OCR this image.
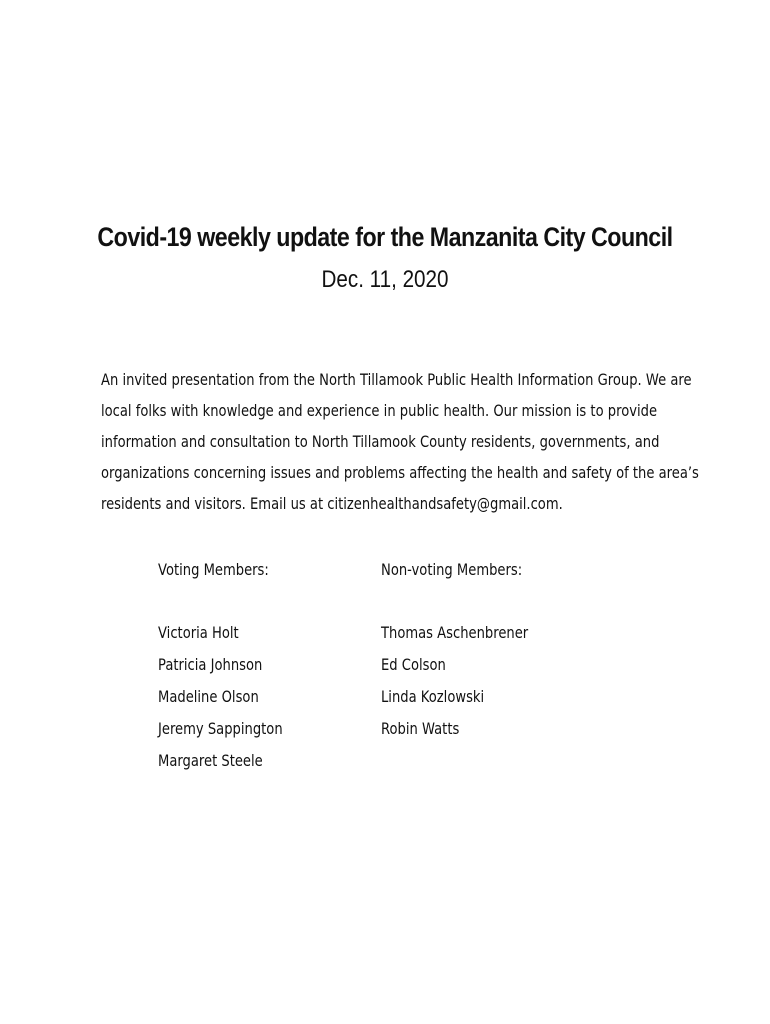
Covid-19 weekly update for the Manzanita City Council
Dec. 11, 2020
An invited presentation from the North Tillamook Public Health Information Group. We are
local folks with knowledge and experience in public health. Our mission is to provide
information and consultation to North Tillamook County residents, governments, and
organizations concerning issues and problems affecting the health and safety of the area’s
residents and visitors. Email us at citizenhealthandsafety@gmail.com.
Voting Members:
Victoria Holt
Patricia Johnson
Madeline Olson
Jeremy Sappington
Margaret Steele
Non-voting Members:
Thomas Aschenbrener
Ed Colson
Linda Kozlowski
Robin Watts
